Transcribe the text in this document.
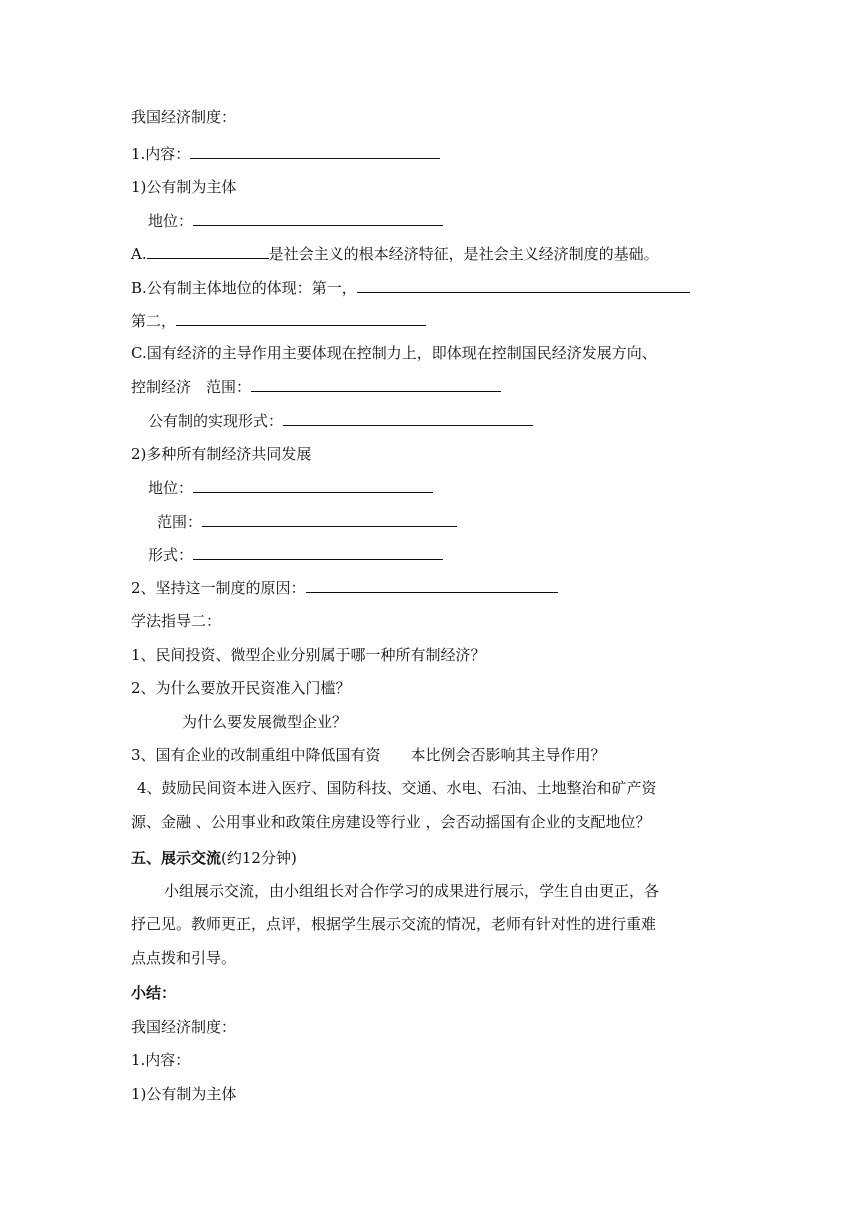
我国经济制度：
1.内容：
1)公有制为主体
地位：
A.	是社会主义的根本经济特征，是社会主义经济制度的基础。
B.公有制主体地位的体现：第一，
第二，
C.国有经济的主导作用主要体现在控制力上，即体现在控制国民经济发展方向、
控制经济　范围：
公有制的实现形式：
2)多种所有制经济共同发展
地位：
范围：
形式：
2、坚持这一制度的原因：
学法指导二：
1、民间投资、微型企业分别属于哪一种所有制经济？
2、为什么要放开民资准入门槛？
为什么要发展微型企业？
3、国有企业的改制重组中降低国有资　　本比例会否影响其主导作用？
4、鼓励民间资本进入医疗、国防科技、交通、水电、石油、土地整治和矿产资
源、金融 、公用事业和政策住房建设等行业 ，会否动摇国有企业的支配地位？
五、展示交流(约12分钟)
小组展示交流，由小组组长对合作学习的成果进行展示，学生自由更正，各
抒己见。教师更正，点评，根据学生展示交流的情况，老师有针对性的进行重难
点点拨和引导。
小结：
我国经济制度：
1.内容：
1)公有制为主体
